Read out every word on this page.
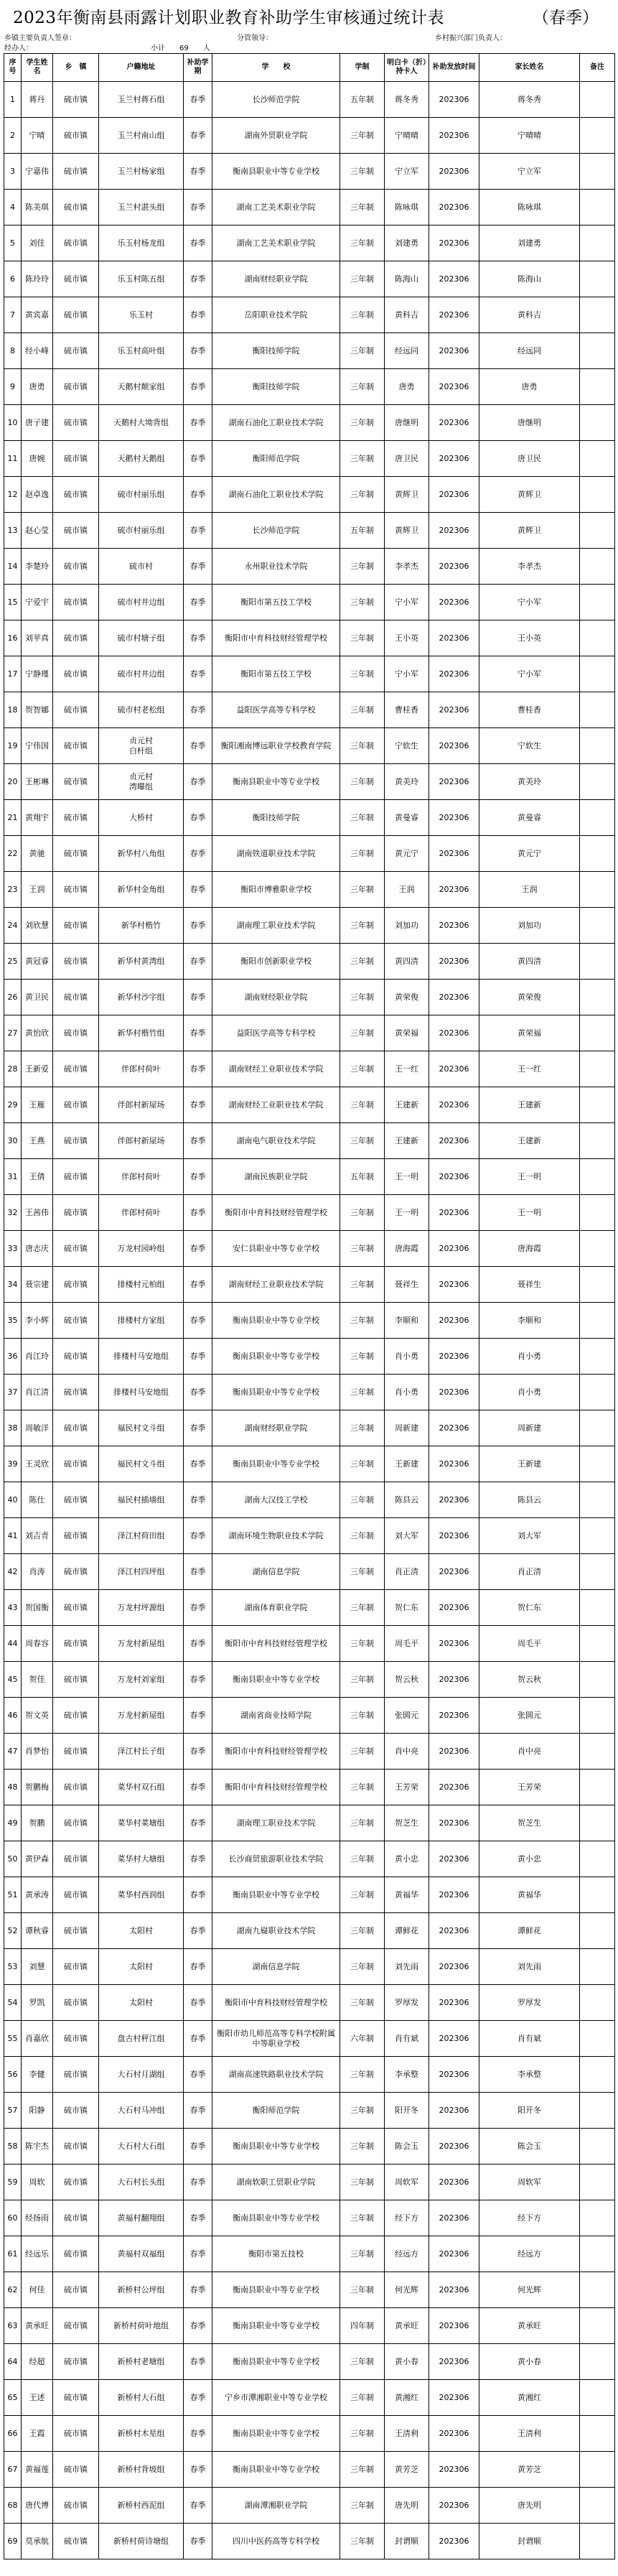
2023年衡南县雨露计划职业教育补助学生审核通过统计表	（春季）
乡镇主要负责人签章：	分管领导：	乡村振兴部门负责人：
经办人：	小计　　69　　人
序号	学生姓名	乡　镇	户籍地址	补助学期	学　　校	学制	明白卡（折）持卡人	补助发放时间	家长姓名	备注
1	蒋丹	硫市镇	玉兰村蒋石组	春季	长沙师范学院	五年制	蒋冬秀	202306	蒋冬秀	
2	宁晴	硫市镇	玉兰村南山组	春季	湖南外贸职业学院	三年制	宁晴晴	202306	宁晴晴	
3	宁嘉伟	硫市镇	玉兰村杨家组	春季	衡南县职业中等专业学校	三年制	宁立军	202306	宁立军	
4	陈美琪	硫市镇	玉兰村湛头组	春季	湖南工艺美术职业学院	三年制	陈咏琪	202306	陈咏琪	
5	刘佳	硫市镇	乐玉村杨龙组	春季	湖南工艺美术职业学院	三年制	刘建勇	202306	刘建勇	
6	陈玲玲	硫市镇	乐玉村陈五组	春季	湖南财经职业学院	三年制	陈海山	202306	陈海山	
7	黄宾嘉	硫市镇	乐玉村	春季	岳阳职业技术学院	三年制	黄科吉	202306	黄科吉	
8	经小峰	硫市镇	乐玉村高叶组	春季	衡阳技师学院	三年制	经远同	202306	经远同	
9	唐勇	硫市镇	天鹅村颠家组	春季	衡阳技师学院	三年制	唐勇	202306	唐勇	
10	唐子建	硫市镇	天鹅村大坳背组	春季	湖南石油化工职业技术学院	三年制	唐继明	202306	唐继明	
11	唐婉	硫市镇	天鹅村天鹅组	春季	衡阳师范学院	三年制	唐卫民	202306	唐卫民	
12	赵卓逸	硫市镇	硫市村丽乐组	春季	湖南石油化工职业技术学院	三年制	黄辉卫	202306	黄辉卫	
13	赵心莹	硫市镇	硫市村丽乐组	春季	长沙师范学院	五年制	黄辉卫	202306	黄辉卫	
14	李楚玲	硫市镇	硫市村	春季	永州职业技术学院	三年制	李孝杰	202306	李孝杰	
15	宁爱宇	硫市镇	硫市村井边组	春季	衡阳市第五技工学校	三年制	宁小军	202306	宁小军	
16	刘苹真	硫市镇	硫市村塘子组	春季	衡阳市中育科技财经管理学校	三年制	王小英	202306	王小英	
17	宁静瑾	硫市镇	硫市村井边组	春季	衡阳市第五技工学校	三年制	宁小军	202306	宁小军	
18	贺智娜	硫市镇	硫市村老松组	春季	益阳医学高等专科学校	三年制	曹桂香	202306	曹桂香	
19	宁伟国	硫市镇	贞元村
白杆组	春季	衡阳湘南博远职业学校教育学院	三年制	宁软生	202306	宁软生	
20	王彬琳	硫市镇	贞元村
湾曝组	春季	衡南县职业中等专业学校	三年制	黄美玲	202306	黄美玲	
21	黄翔宇	硫市镇	大桥村	春季	衡阳技师学院	三年制	黄曼睿	202306	黄曼睿	
22	黄驰	硫市镇	新华村八角组	春季	湖南铁道职业技术学院	三年制	黄元宁	202306	黄元宁	
23	王润	硫市镇	新华村金角组	春季	衡阳市博雅职业学校	三年制	王润	202306	王润	
24	刘欣慧	硫市镇	新华村楷竹	春季	湖南理工职业技术学院	三年制	刘加功	202306	刘加功	
25	黄冠睿	硫市镇	新华村黄湾组	春季	衡阳市创新职业学校	三年制	黄四清	202306	黄四清	
26	黄卫民	硫市镇	新华村沙字组	春季	湖南财经职业学院	三年制	黄荣俊	202306	黄荣俊	
27	黄怡欣	硫市镇	新华村楷竹组	春季	益阳医学高等专科学校	三年制	黄荣福	202306	黄荣福	
28	王新爱	硫市镇	伴郎村荷叶	春季	湖南财经工业职业技术学院	三年制	王一红	202306	王一红	
29	王雁	硫市镇	伴郎村新屋场	春季	湖南财经工业职业技术学院	三年制	王建新	202306	王建新	
30	王燕	硫市镇	伴郎村新屋场	春季	湖南电气职业技术学院	三年制	王建新	202306	王建新	
31	王倩	硫市镇	伴郎村荷叶	春季	湖南民族职业学院	五年制	王一明	202306	王一明	
32	王茜伟	硫市镇	伴郎村荷叶	春季	衡阳市中育科技财经管理学校	三年制	王一明	202306	王一明	
33	唐志庆	硫市镇	万龙村园岭组	春季	安仁县职业中等专业学校	三年制	唐海霞	202306	唐海霞	
34	聂宗建	硫市镇	排楼村元柏组	春季	湖南财经工业职业技术学院	三年制	聂祥生	202306	聂祥生	
35	李小辉	硫市镇	排楼村方家组	春季	衡南县职业中等专业学校	三年制	李顺和	202306	李顺和	
36	肖江玲	硫市镇	排楼村马安地组	春季	衡南县职业中等专业学校	三年制	肖小勇	202306	肖小勇	
37	肖江清	硫市镇	排楼村马安地组	春季	衡南县职业中等专业学校	三年制	肖小勇	202306	肖小勇	
38	周敏洋	硫市镇	福民村文斗组	春季	湖南财经职业学院	三年制	周新建	202306	周新建	
39	王灵欣	硫市镇	福民村文斗组	春季	衡南县职业中等专业学校	三年制	王新建	202306	王新建	
40	陈仕	硫市镇	福民村插墙组	春季	湖南大汉技工学校	三年制	陈县云	202306	陈县云	
41	刘吉青	硫市镇	泽江村荷田组	春季	湖南环境生物职业技术学院	三年制	刘大军	202306	刘大军	
42	肖涛	硫市镇	泽江村四坪组	春季	湖南信息学院	三年制	肖正清	202306	肖正清	
43	贺国衡	硫市镇	万龙村坪源组	春季	湖南体育职业学院	三年制	贺仁东	202306	贺仁东	
44	周春容	硫市镇	万龙村新屋组	春季	衡阳市中育科技财经管理学校	三年制	周毛平	202306	周毛平	
45	贺佳	硫市镇	万龙村刘家组	春季	衡南县职业中等专业学校	三年制	贺云秋	202306	贺云秋	
46	贺文英	硫市镇	万龙村新屋组	春季	湖南省商业技师学院	三年制	张圆元	202306	张圆元	
47	肖梦怡	硫市镇	泽江村长子组	春季	衡阳市中育科技财经管理学校	三年制	肖中亮	202306	肖中亮	
48	贺鹏梅	硫市镇	菜华村双石组	春季	衡阳市中育科技财经管理学校	三年制	王芳荣	202306	王芳荣	
49	贺鹏	硫市镇	菜华村菜塘组	春季	湖南理工职业技术学院	三年制	贺芝生	202306	贺芝生	
50	黄伊森	硫市镇	菜华村大塘组	春季	长沙商贸旅游职业技术学院	三年制	黄小忠	202306	黄小忠	
51	黄承涛	硫市镇	菜华村西润组	春季	衡南县职业中等专业学校	三年制	黄福华	202306	黄福华	
52	谭秋睿	硫市镇	太阳村	春季	湖南九嶷职业技术学院	三年制	谭鲜花	202306	谭鲜花	
53	刘慧	硫市镇	太阳村	春季	湖南信息学院	三年制	刘先雨	202306	刘先雨	
54	罗凯	硫市镇	太阳村	春季	衡阳市中育科技财经管理学校	三年制	罗厚发	202306	罗厚发	
55	肖嘉欣	硫市镇	盘古村秤江组	春季	衡阳市幼儿师范高等专科学校附属中等职业学校	六年制	肖有斌	202306	肖有斌	
56	李健	硫市镇	大石村月湖组	春季	湖南高速铁路职业技术学院	三年制	李承整	202306	李承整	
57	阳静	硫市镇	大石村马冲组	春季	衡阳师范学院	三年制	阳开冬	202306	阳开冬	
58	陈宇杰	硫市镇	大石村大石组	春季	衡南县职业中等专业学校	三年制	陈会玉	202306	陈会玉	
59	周软	硫市镇	大石村长头组	春季	湖南软职工贸职业学院	三年制	周软军	202306	周软军	
60	经扬雨	硫市镇	黄福村翻翔组	春季	衡南县职业中等专业学校	三年制	经下方	202306	经下方	
61	经远乐	硫市镇	黄福村双福组	春季	衡阳市第五技校	三年制	经远方	202306	经远方	
62	何佳	硫市镇	新桥村公坪组	春季	衡南县职业中等专业学校	三年制	何光辉	202306	何光辉	
63	黄承旺	硫市镇	新桥村荷叶地组	春季	衡南县职业中等专业学校	四年制	黄承旺	202306	黄承旺	
64	经超	硫市镇	新桥村老塘组	春季	衡南县职业中等专业学校	三年制	黄小春	202306	黄小春	
65	王述	硫市镇	新桥村大石组	春季	宁乡市潭湘职业中等专业学校	三年制	黄湘红	202306	黄湘红	
66	王霞	硫市镇	新桥村木星组	春季	衡南县职业中等专业学校	三年制	王清利	202306	王清利	
67	黄福莲	硫市镇	新桥村背坡组	春季	衡南县职业中等专业学校	三年制	黄芳芝	202306	黄芳芝	
68	唐代博	硫市镇	新桥村西泥组	春季	湖南潭湘职业学院	三年制	唐先明	202306	唐先明	
69	莫承航	硫市镇	新桥村荷诗塘组	春季	四川中医药高等专科学校	三年制	封谓顺	202306	封谓顺	
